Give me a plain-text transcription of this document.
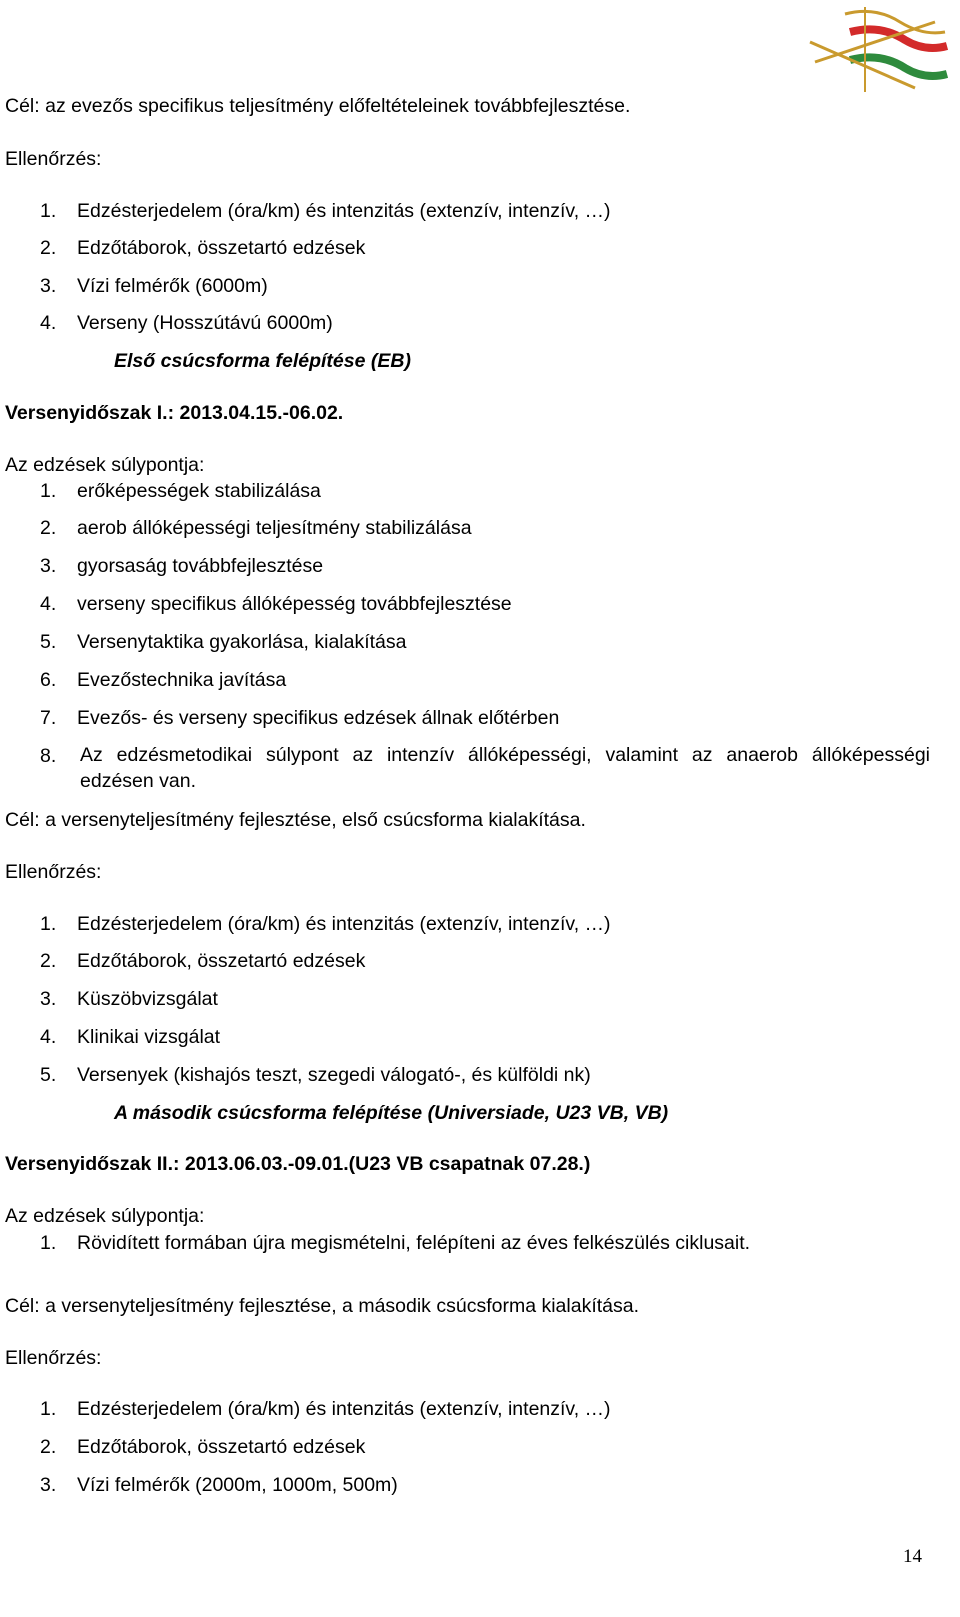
Cél: az evezős specifikus teljesítmény előfeltételeinek továbbfejlesztése.
Ellenőrzés:
1. Edzésterjedelem (óra/km) és intenzitás (extenzív, intenzív, …)
2. Edzőtáborok, összetartó edzések
3. Vízi felmérők (6000m)
4. Verseny (Hosszútávú 6000m)
Első csúcsforma felépítése (EB)
Versenyidőszak I.: 2013.04.15.-06.02.
Az edzések súlypontja:
1. erőképességek stabilizálása
2. aerob állóképességi teljesítmény stabilizálása
3. gyorsaság továbbfejlesztése
4. verseny specifikus állóképesség továbbfejlesztése
5. Versenytaktika gyakorlása, kialakítása
6. Evezőstechnika javítása
7. Evezős- és verseny specifikus edzések állnak előtérben
8. Az edzésmetodikai súlypont az intenzív állóképességi, valamint az anaerob állóképességi edzésen van.
Cél: a versenyteljesítmény fejlesztése, első csúcsforma kialakítása.
Ellenőrzés:
1. Edzésterjedelem (óra/km) és intenzitás (extenzív, intenzív, …)
2. Edzőtáborok, összetartó edzések
3. Küszöbvizsgálat
4. Klinikai vizsgálat
5. Versenyek (kishajós teszt, szegedi válogató-, és külföldi nk)
A második csúcsforma felépítése (Universiade, U23 VB, VB)
Versenyidőszak II.: 2013.06.03.-09.01.(U23 VB csapatnak 07.28.)
Az edzések súlypontja:
1. Rövidített formában újra megismételni, felépíteni az éves felkészülés ciklusait.
Cél: a versenyteljesítmény fejlesztése, a második csúcsforma kialakítása.
Ellenőrzés:
1. Edzésterjedelem (óra/km) és intenzitás (extenzív, intenzív, …)
2. Edzőtáborok, összetartó edzések
3. Vízi felmérők (2000m, 1000m, 500m)
14
